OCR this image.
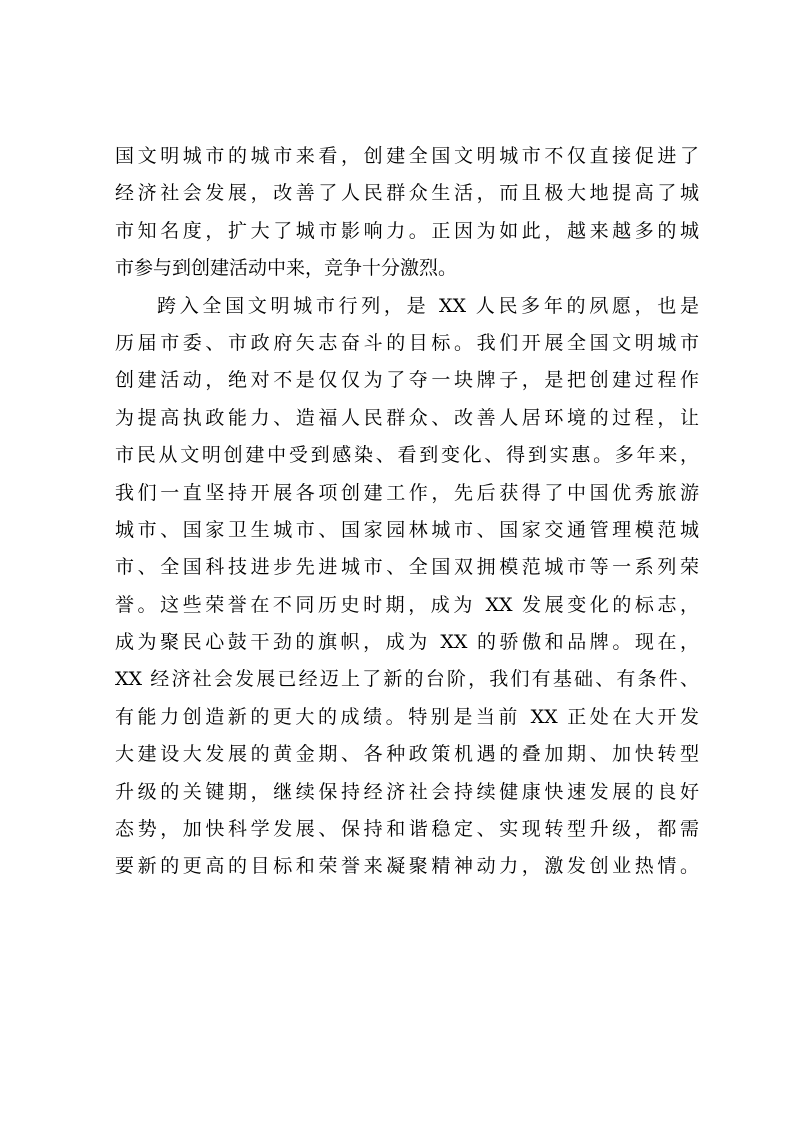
国文明城市的城市来看，创建全国文明城市不仅直接促进了
经济社会发展，改善了人民群众生活，而且极大地提高了城
市知名度，扩大了城市影响力。正因为如此，越来越多的城
市参与到创建活动中来，竞争十分激烈。
跨入全国文明城市行列，是 XX 人民多年的夙愿，也是
历届市委、市政府矢志奋斗的目标。我们开展全国文明城市
创建活动，绝对不是仅仅为了夺一块牌子，是把创建过程作
为提高执政能力、造福人民群众、改善人居环境的过程，让
市民从文明创建中受到感染、看到变化、得到实惠。多年来，
我们一直坚持开展各项创建工作，先后获得了中国优秀旅游
城市、国家卫生城市、国家园林城市、国家交通管理模范城
市、全国科技进步先进城市、全国双拥模范城市等一系列荣
誉。这些荣誉在不同历史时期，成为 XX 发展变化的标志，
成为聚民心鼓干劲的旗帜，成为 XX 的骄傲和品牌。现在，
XX 经济社会发展已经迈上了新的台阶，我们有基础、有条件、
有能力创造新的更大的成绩。特别是当前 XX 正处在大开发
大建设大发展的黄金期、各种政策机遇的叠加期、加快转型
升级的关键期，继续保持经济社会持续健康快速发展的良好
态势，加快科学发展、保持和谐稳定、实现转型升级，都需
要新的更高的目标和荣誉来凝聚精神动力，激发创业热情。
